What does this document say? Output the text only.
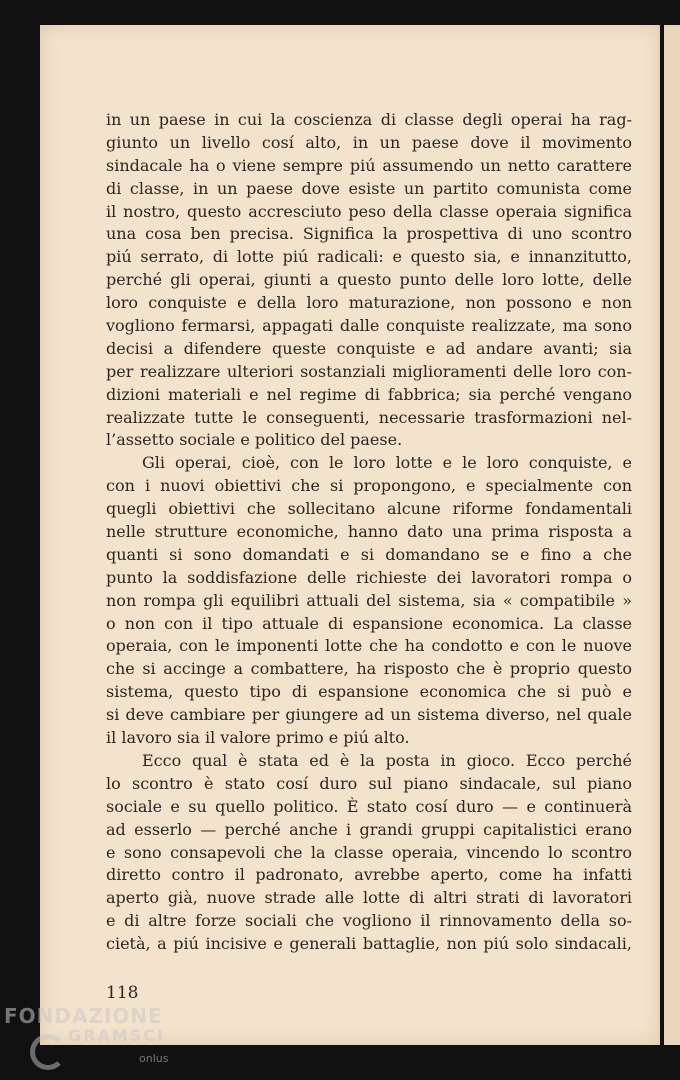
in un paese in cui la coscienza di classe degli operai ha rag-
giunto un livello cosí alto, in un paese dove il movimento
sindacale ha o viene sempre piú assumendo un netto carattere
di classe, in un paese dove esiste un partito comunista come
il nostro, questo accresciuto peso della classe operaia significa
una cosa ben precisa. Significa la prospettiva di uno scontro
piú serrato, di lotte piú radicali: e questo sia, e innanzitutto,
perché gli operai, giunti a questo punto delle loro lotte, delle
loro conquiste e della loro maturazione, non possono e non
vogliono fermarsi, appagati dalle conquiste realizzate, ma sono
decisi a difendere queste conquiste e ad andare avanti; sia
per realizzare ulteriori sostanziali miglioramenti delle loro con-
dizioni materiali e nel regime di fabbrica; sia perché vengano
realizzate tutte le conseguenti, necessarie trasformazioni nel-
l’assetto sociale e politico del paese.
Gli operai, cioè, con le loro lotte e le loro conquiste, e
con i nuovi obiettivi che si propongono, e specialmente con
quegli obiettivi che sollecitano alcune riforme fondamentali
nelle strutture economiche, hanno dato una prima risposta a
quanti si sono domandati e si domandano se e fino a che
punto la soddisfazione delle richieste dei lavoratori rompa o
non rompa gli equilibri attuali del sistema, sia « compatibile »
o non con il tipo attuale di espansione economica. La classe
operaia, con le imponenti lotte che ha condotto e con le nuove
che si accinge a combattere, ha risposto che è proprio questo
sistema, questo tipo di espansione economica che si può e
si deve cambiare per giungere ad un sistema diverso, nel quale
il lavoro sia il valore primo e piú alto.
Ecco qual è stata ed è la posta in gioco. Ecco perché
lo scontro è stato cosí duro sul piano sindacale, sul piano
sociale e su quello politico. È stato cosí duro — e continuerà
ad esserlo — perché anche i grandi gruppi capitalistici erano
e sono consapevoli che la classe operaia, vincendo lo scontro
diretto contro il padronato, avrebbe aperto, come ha infatti
aperto già, nuove strade alle lotte di altri strati di lavoratori
e di altre forze sociali che vogliono il rinnovamento della so-
cietà, a piú incisive e generali battaglie, non piú solo sindacali,
118
FONDAZIONE
GRAMSCI
onlus
